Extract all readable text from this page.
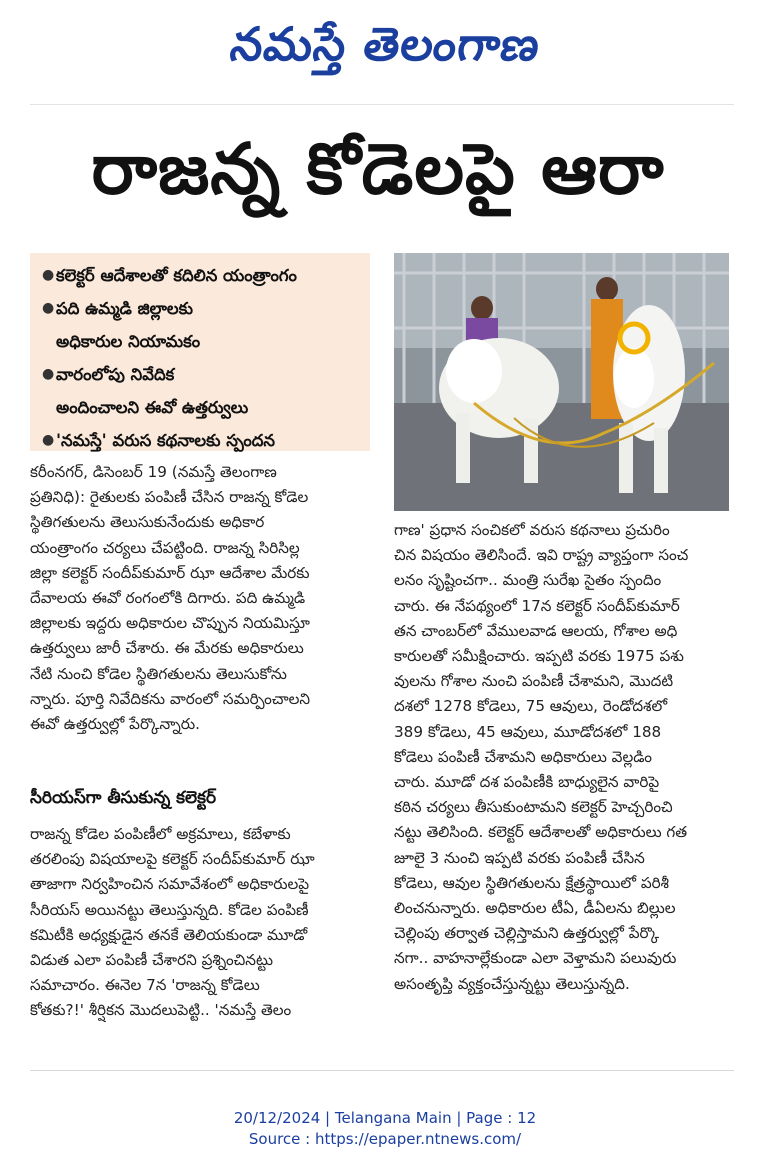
నమస్తే తెలంగాణ
రాజన్న కోడెలపై ఆరా
● కలెక్టర్ ఆదేశాలతో కదిలిన యంత్రాంగం
● పది ఉమ్మడి జిల్లాలకు
అధికారుల నియామకం
● వారంలోపు నివేదిక
అందించాలని ఈవో ఉత్తర్వులు
● 'నమస్తే' వరుస కథనాలకు స్పందన
కరీంనగర్, డిసెంబర్ 19 (నమస్తే తెలంగాణ
ప్రతినిధి): రైతులకు పంపిణీ చేసిన రాజన్న కోడెల
స్థితిగతులను తెలుసుకునేందుకు అధికార
యంత్రాంగం చర్యలు చేపట్టింది. రాజన్న సిరిసిల్ల
జిల్లా కలెక్టర్ సందీప్‌కుమార్ ఝా ఆదేశాల మేరకు
దేవాలయ ఈవో రంగంలోకి దిగారు. పది ఉమ్మడి
జిల్లాలకు ఇద్దరు అధికారుల చొప్పున నియమిస్తూ
ఉత్తర్వులు జారీ చేశారు. ఈ మేరకు అధికారులు
నేటి నుంచి కోడెల స్థితిగతులను తెలుసుకోను
న్నారు. పూర్తి నివేదికను వారంలో సమర్పించాలని
ఈవో ఉత్తర్వుల్లో పేర్కొన్నారు.
సీరియస్‌గా తీసుకున్న కలెక్టర్
రాజన్న కోడెల పంపిణీలో అక్రమాలు, కబేళాకు
తరలింపు విషయాలపై కలెక్టర్ సందీప్‌కుమార్ ఝా
తాజాగా నిర్వహించిన సమావేశంలో అధికారులపై
సీరియస్ అయినట్టు తెలుస్తున్నది. కోడెల పంపిణీ
కమిటీకి అధ్యక్షుడైన తనకే తెలియకుండా మూడో
విడుత ఎలా పంపిణీ చేశారని ప్రశ్నించినట్టు
సమాచారం. ఈనెల 7న 'రాజన్న కోడెలు
కోతకు?!' శీర్షికన మొదలుపెట్టి.. 'నమస్తే తెలం
గాణ' ప్రధాన సంచికలో వరుస కథనాలు ప్రచురిం
చిన విషయం తెలిసిందే. ఇవి రాష్ట్ర వ్యాప్తంగా సంచ
లనం సృష్టించగా.. మంత్రి సురేఖ సైతం స్పందిం
చారు. ఈ నేపథ్యంలో 17న కలెక్టర్ సందీప్‌కుమార్
తన చాంబర్‌లో వేములవాడ ఆలయ, గోశాల అధి
కారులతో సమీక్షించారు. ఇప్పటి వరకు 1975 పశు
వులను గోశాల నుంచి పంపిణీ చేశామని, మొదటి
దశలో 1278 కోడెలు, 75 ఆవులు, రెండోదశలో
389 కోడెలు, 45 ఆవులు, మూడోదశలో 188
కోడెలు పంపిణీ చేశామని అధికారులు వెల్లడిం
చారు. మూడో దశ పంపిణీకి బాధ్యులైన వారిపై
కఠిన చర్యలు తీసుకుంటామని కలెక్టర్ హెచ్చరించి
నట్టు తెలిసింది. కలెక్టర్ ఆదేశాలతో అధికారులు గత
జూలై 3 నుంచి ఇప్పటి వరకు పంపిణీ చేసిన
కోడెలు, ఆవుల స్థితిగతులను క్షేత్రస్థాయిలో పరిశీ
లించనున్నారు. అధికారుల టీఏ, డీఏలను బిల్లుల
చెల్లింపు తర్వాత చెల్లిస్తామని ఉత్తర్వుల్లో పేర్కొ
నగా.. వాహనాల్లేకుండా ఎలా వెళ్తామని పలువురు
అసంతృప్తి వ్యక్తంచేస్తున్నట్టు తెలుస్తున్నది.
20/12/2024 | Telangana Main | Page : 12
Source : https://epaper.ntnews.com/
